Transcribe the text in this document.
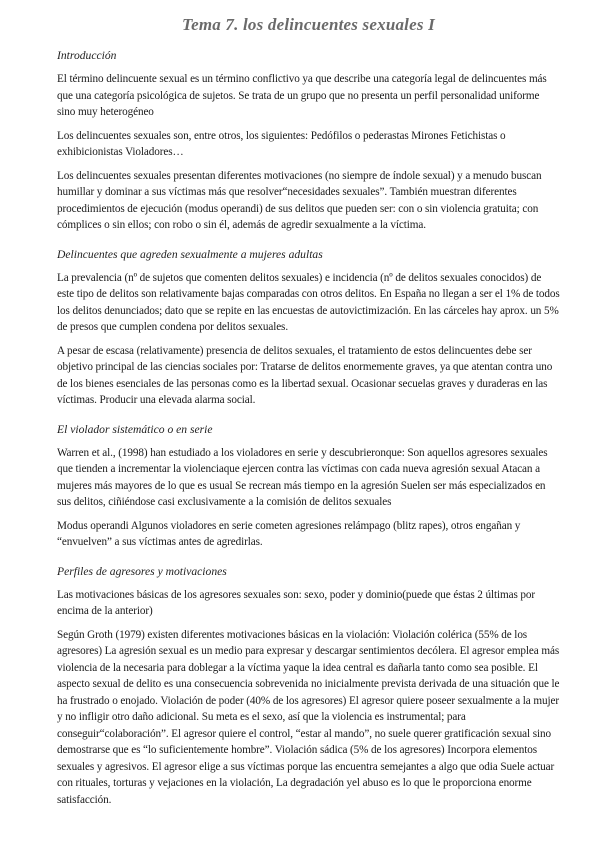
Tema 7. los delincuentes sexuales I
Introducción

El término delincuente sexual es un término conflictivo ya que describe una categoría legal de delincuentes más que una categoría psicológica de sujetos. Se trata de un grupo que no presenta un perfil personalidad uniforme sino muy heterogéneo

Los delincuentes sexuales son, entre otros, los siguientes: Pedófilos o pederastas Mirones Fetichistas o exhibicionistas Violadores…

Los delincuentes sexuales presentan diferentes motivaciones (no siempre de índole sexual) y a menudo buscan humillar y dominar a sus víctimas más que resolver“necesidades sexuales”. También muestran diferentes procedimientos de ejecución (modus operandi) de sus delitos que pueden ser: con o sin violencia gratuita; con cómplices o sin ellos; con robo o sin él, además de agredir sexualmente a la víctima.

Delincuentes que agreden sexualmente a mujeres adultas

La prevalencia (nº de sujetos que comenten delitos sexuales) e incidencia (nº de delitos sexuales conocidos) de este tipo de delitos son relativamente bajas comparadas con otros delitos. En España no llegan a ser el 1% de todos los delitos denunciados; dato que se repite en las encuestas de autovictimización. En las cárceles hay aprox. un 5% de presos que cumplen condena por delitos sexuales.

A pesar de escasa (relativamente) presencia de delitos sexuales, el tratamiento de estos delincuentes debe ser objetivo principal de las ciencias sociales por: Tratarse de delitos enormemente graves, ya que atentan contra uno de los bienes esenciales de las personas como es la libertad sexual. Ocasionar secuelas graves y duraderas en las víctimas. Producir una elevada alarma social.

El violador sistemático o en serie

Warren et al., (1998) han estudiado a los violadores en serie y descubrieronque: Son aquellos agresores sexuales que tienden a incrementar la violenciaque ejercen contra las víctimas con cada nueva agresión sexual Atacan a mujeres más mayores de lo que es usual Se recrean más tiempo en la agresión Suelen ser más especializados en sus delitos, ciñiéndose casi exclusivamente a la comisión de delitos sexuales

Modus operandi Algunos violadores en serie cometen agresiones relámpago (blitz rapes), otros engañan y “envuelven” a sus víctimas antes de agredirlas.

Perfiles de agresores y motivaciones

Las motivaciones básicas de los agresores sexuales son: sexo, poder y dominio(puede que éstas 2 últimas por encima de la anterior)

Según Groth (1979) existen diferentes motivaciones básicas en la violación: Violación colérica (55% de los agresores) La agresión sexual es un medio para expresar y descargar sentimientos decólera. El agresor emplea más violencia de la necesaria para doblegar a la víctima yaque la idea central es dañarla tanto como sea posible. El aspecto sexual de delito es una consecuencia sobrevenida no inicialmente prevista derivada de una situación que le ha frustrado o enojado. Violación de poder (40% de los agresores) El agresor quiere poseer sexualmente a la mujer y no infligir otro daño adicional. Su meta es el sexo, así que la violencia es instrumental; para conseguir“colaboración”. El agresor quiere el control, “estar al mando”, no suele querer gratificación sexual sino demostrarse que es “lo suficientemente hombre”. Violación sádica (5% de los agresores) Incorpora elementos sexuales y agresivos. El agresor elige a sus víctimas porque las encuentra semejantes a algo que odia Suele actuar con rituales, torturas y vejaciones en la violación, La degradación yel abuso es lo que le proporciona enorme satisfacción.
